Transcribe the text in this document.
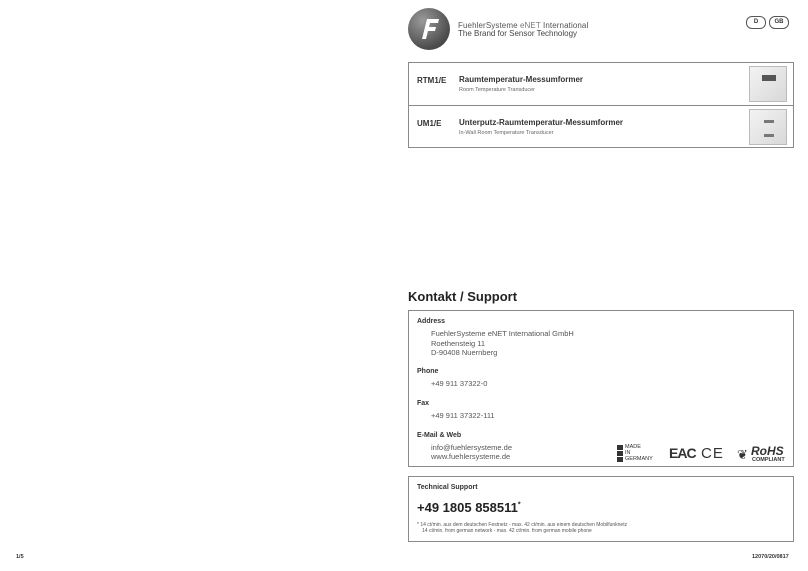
FuehlerSysteme eNET International
The Brand for Sensor Technology
D	GB
RTM1/E Raumtemperatur-Messumformer
Room Temperature Transducer
UM1/E Unterputz-Raumtemperatur-Messumformer
In-Wall Room Temperature Transducer
Kontakt / Support
Address
FuehlerSysteme eNET International GmbH
Roethensteig 11
D-90408 Nuernberg
Phone
+49 911 37322-0
Fax
+49 911 37322-111
E-Mail & Web
info@fuehlersysteme.de
www.fuehlersysteme.de
MADE
IN
GERMANY EAC CE ❦ RoHS
COMPLIANT
Technical Support
+49 1805 858511*
* 14 ct/min. aus dem deutschen Festnetz - max. 42 ct/min. aus einem deutschen Mobilfunknetz
14 ct/min. from german network - max. 42 ct/min. from german mobile phone
1/5	12070/20/0817
